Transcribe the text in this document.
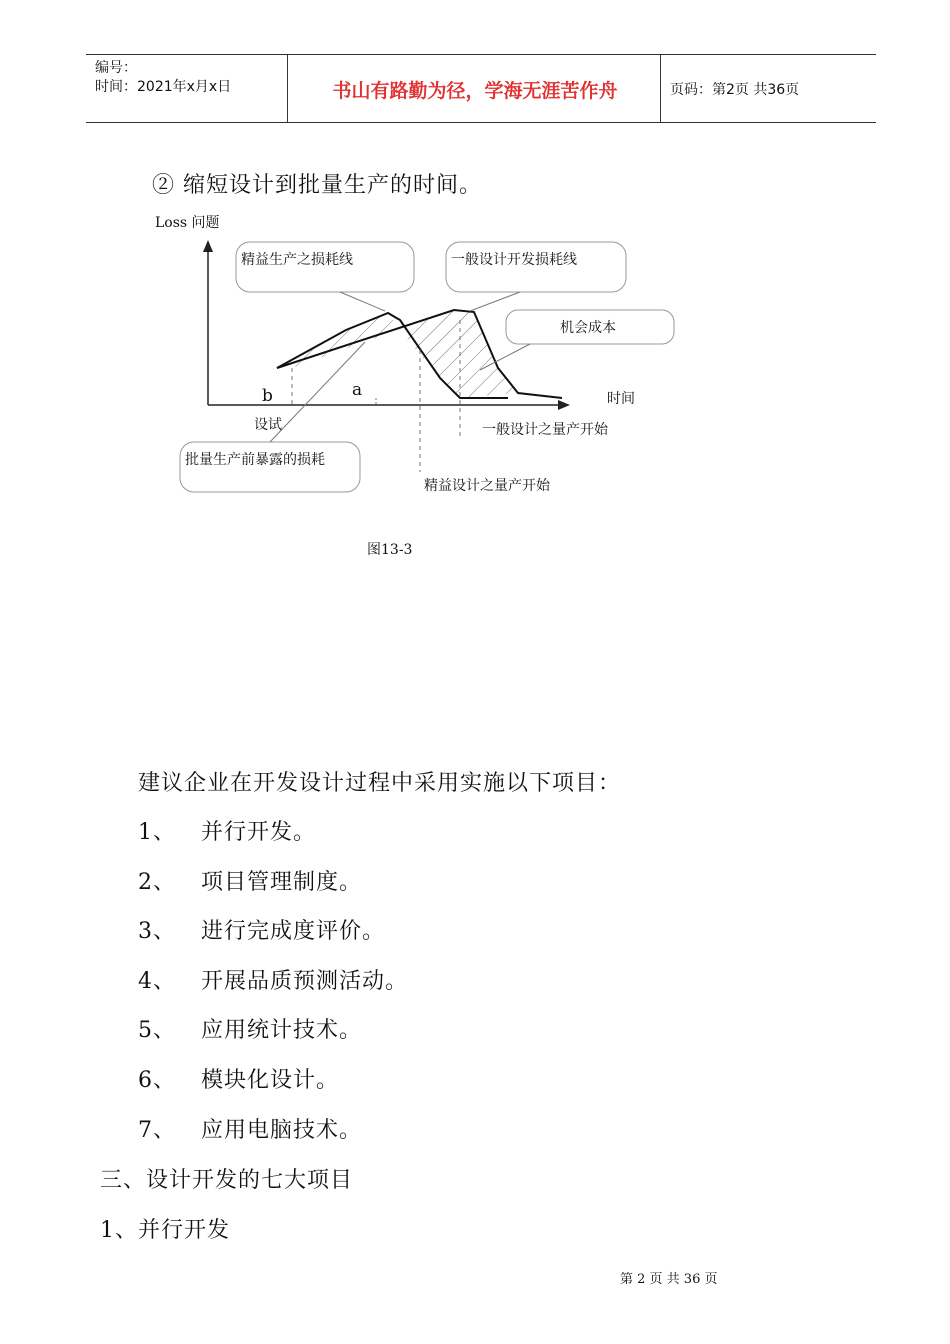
编号：
时间：2021年x月x日	书山有路勤为径，学海无涯苦作舟	页码：第2页 共36页
② 缩短设计到批量生产的时间。
Loss 问题
时间
精益生产之损耗线	一般设计开发损耗线
机会成本
批量生产前暴露的损耗
b	a
设试	一般设计之量产开始
精益设计之量产开始
图13-3
建议企业在开发设计过程中采用实施以下项目：
1、 并行开发。
2、 项目管理制度。
3、 进行完成度评价。
4、 开展品质预测活动。
5、 应用统计技术。
6、 模块化设计。
7、 应用电脑技术。
三、设计开发的七大项目
1、并行开发
第 2 页 共 36 页
